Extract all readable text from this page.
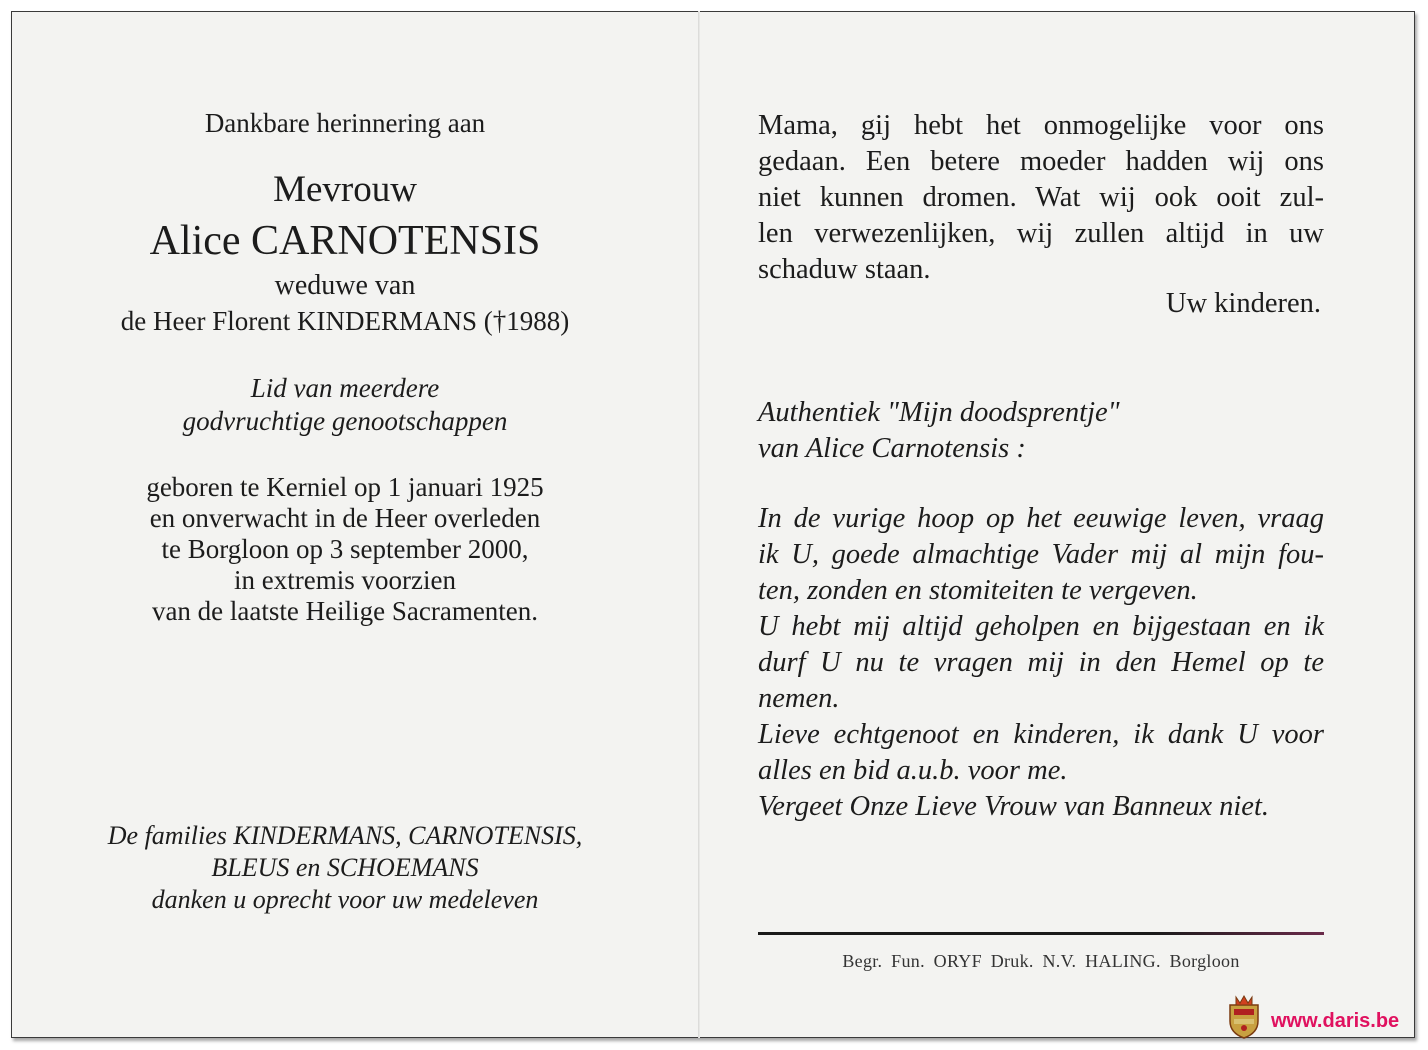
Dankbare herinnering aan
Mevrouw
Alice CARNOTENSIS
weduwe van
de Heer Florent KINDERMANS (†1988)
Lid van meerdere
godvruchtige genootschappen
geboren te Kerniel op 1 januari 1925
en onverwacht in de Heer overleden
te Borgloon op 3 september 2000,
in extremis voorzien
van de laatste Heilige Sacramenten.
De families KINDERMANS, CARNOTENSIS,
BLEUS en SCHOEMANS
danken u oprecht voor uw medeleven
Mama, gij hebt het onmogelijke voor ons
gedaan. Een betere moeder hadden wij ons
niet kunnen dromen. Wat wij ook ooit zul-
len verwezenlijken, wij zullen altijd in uw
schaduw staan.
Uw kinderen.
Authentiek "Mijn doodsprentje"
van Alice Carnotensis :
In de vurige hoop op het eeuwige leven, vraag
ik U, goede almachtige Vader mij al mijn fou-
ten, zonden en stomiteiten te vergeven.
U hebt mij altijd geholpen en bijgestaan en ik
durf U nu te vragen mij in den Hemel op te
nemen.
Lieve echtgenoot en kinderen, ik dank U voor
alles en bid a.u.b. voor me.
Vergeet Onze Lieve Vrouw van Banneux niet.
Begr. Fun. ORYF Druk. N.V. HALING. Borgloon
www.daris.be
